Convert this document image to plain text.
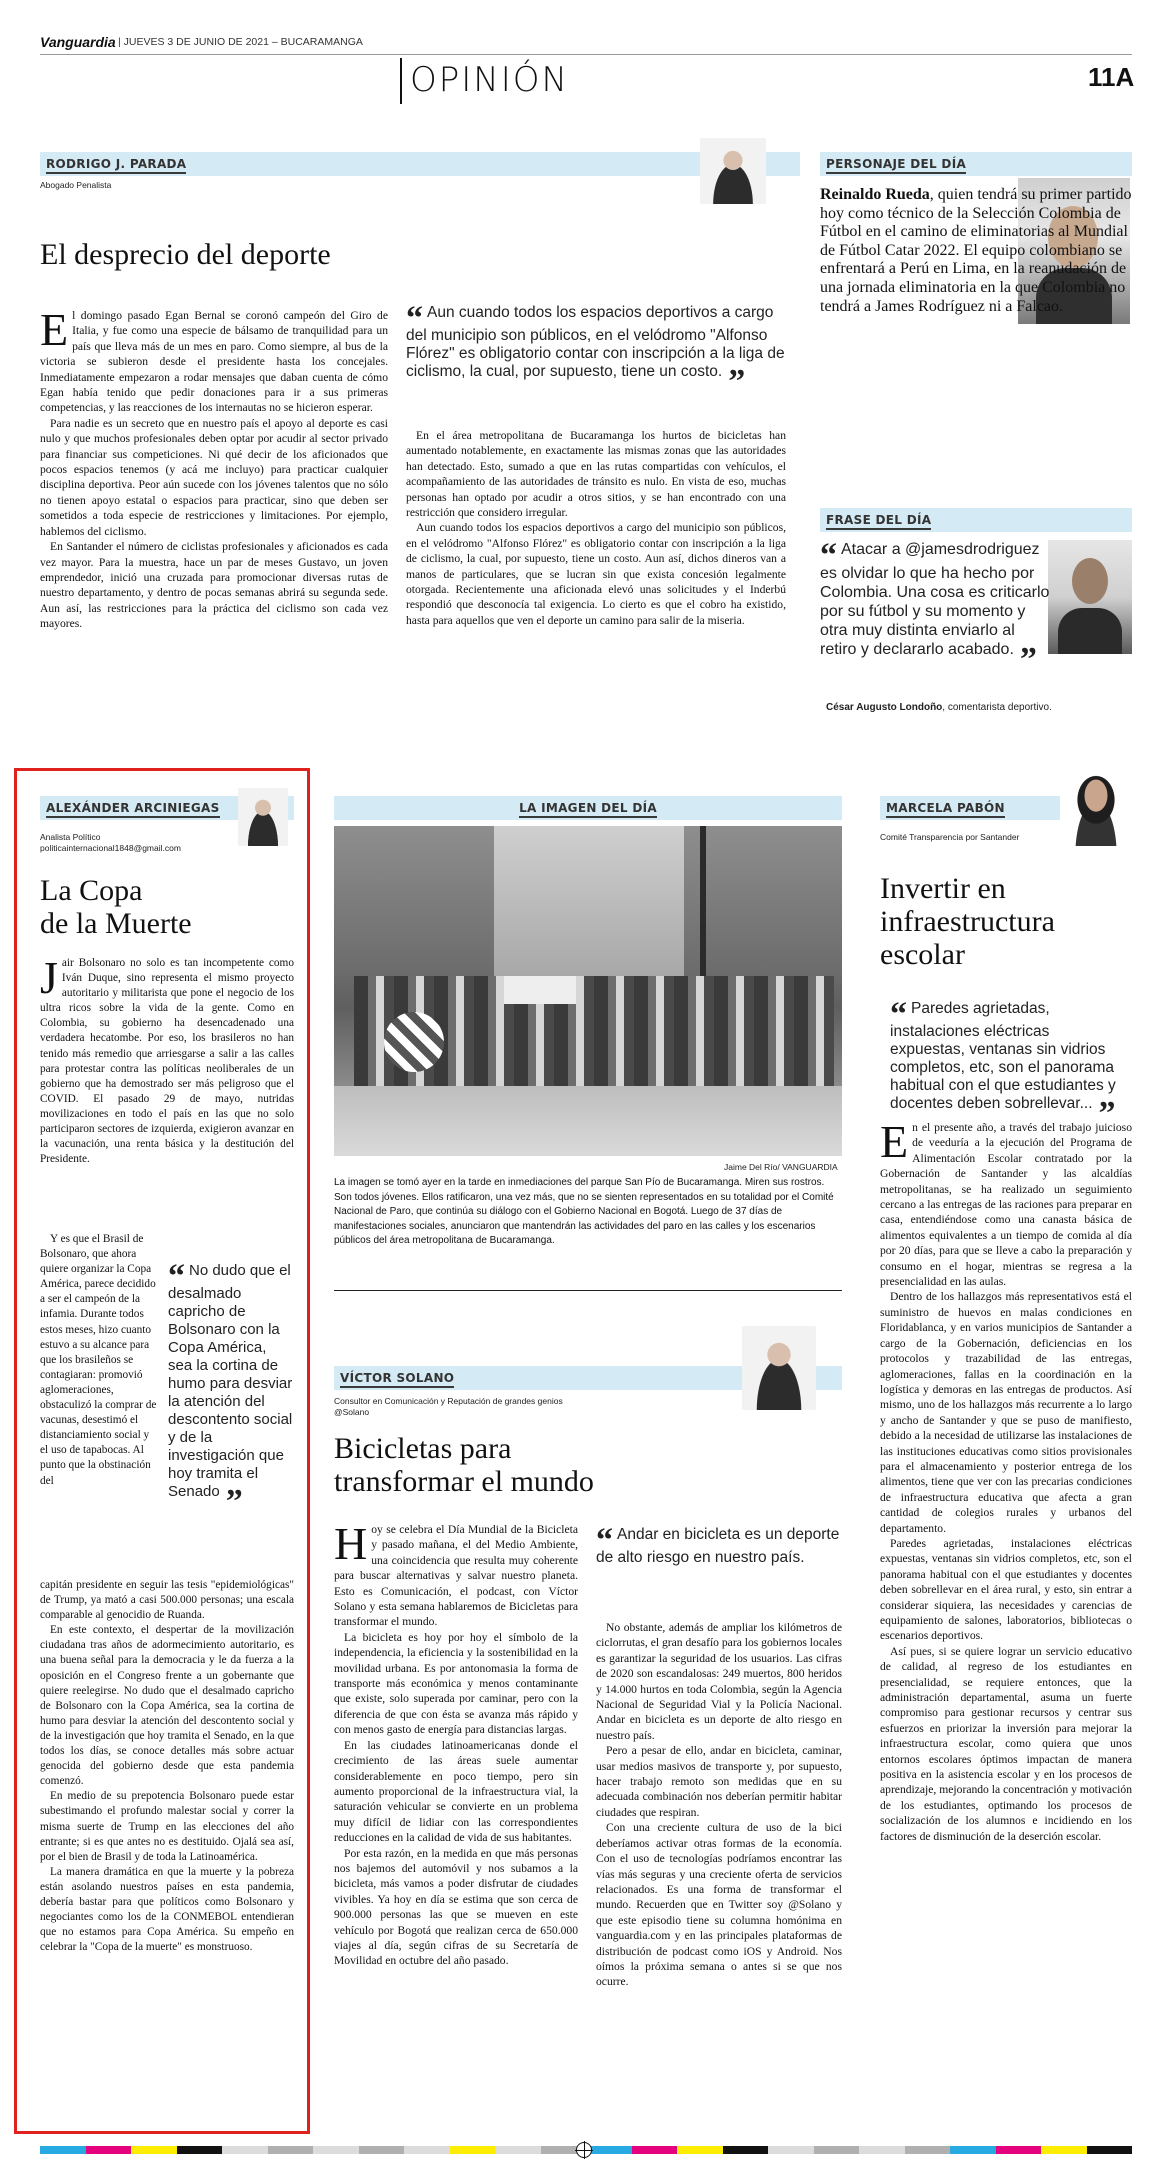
Vanguardia | JUEVES 3 DE JUNIO DE 2021 – BUCARAMANGA
OPINIÓN	11A
RODRIGO J. PARADA
Abogado Penalista
El desprecio del deporte

El domingo pasado Egan Bernal se coronó campeón del Giro de Italia, y fue como una especie de bálsamo de tranquilidad para un país que lleva más de un mes en paro. Como siempre, al bus de la victoria se subieron desde el presidente hasta los concejales. Inmediatamente empezaron a rodar mensajes que daban cuenta de cómo Egan había tenido que pedir donaciones para ir a sus primeras competencias, y las reacciones de los internautas no se hicieron esperar.

Para nadie es un secreto que en nuestro país el apoyo al deporte es casi nulo y que muchos profesionales deben optar por acudir al sector privado para financiar sus competiciones. Ni qué decir de los aficionados que pocos espacios tenemos (y acá me incluyo) para practicar cualquier disciplina deportiva. Peor aún sucede con los jóvenes talentos que no sólo no tienen apoyo estatal o espacios para practicar, sino que deben ser sometidos a toda especie de restricciones y limitaciones. Por ejemplo, hablemos del ciclismo.

En Santander el número de ciclistas profesionales y aficionados es cada vez mayor. Para la muestra, hace un par de meses Gustavo, un joven emprendedor, inició una cruzada para promocionar diversas rutas de nuestro departamento, y dentro de pocas semanas abrirá su segunda sede. Aun así, las restricciones para la práctica del ciclismo son cada vez mayores.

“ Aun cuando todos los espacios deportivos a cargo del municipio son públicos, en el velódromo "Alfonso Flórez" es obligatorio contar con inscripción a la liga de ciclismo, la cual, por supuesto, tiene un costo. ”

En el área metropolitana de Bucaramanga los hurtos de bicicletas han aumentado notablemente, en exactamente las mismas zonas que las autoridades han detectado. Esto, sumado a que en las rutas compartidas con vehículos, el acompañamiento de las autoridades de tránsito es nulo. En vista de eso, muchas personas han optado por acudir a otros sitios, y se han encontrado con una restricción que considero irregular.

Aun cuando todos los espacios deportivos a cargo del municipio son públicos, en el velódromo "Alfonso Flórez" es obligatorio contar con inscripción a la liga de ciclismo, la cual, por supuesto, tiene un costo. Aun así, dichos dineros van a manos de particulares, que se lucran sin que exista concesión legalmente otorgada. Recientemente una aficionada elevó unas solicitudes y el Inderbú respondió que desconocía tal exigencia. Lo cierto es que el cobro ha existido, hasta para aquellos que ven el deporte un camino para salir de la miseria.

PERSONAJE DEL DÍA
Reinaldo Rueda, quien tendrá su primer partido hoy como técnico de la Selección Colombia de Fútbol en el camino de eliminatorias al Mundial de Fútbol Catar 2022. El equipo colombiano se enfrentará a Perú en Lima, en la reanudación de una jornada eliminatoria en la que Colombia no tendrá a James Rodríguez ni a Falcao.
FRASE DEL DÍA
“ Atacar a @jamesdrodriguez es olvidar lo que ha hecho por Colombia. Una cosa es criticarlo por su fútbol y su momento y otra muy distinta enviarlo al retiro y declararlo acabado. ”
César Augusto Londoño, comentarista deportivo.
ALEXÁNDER ARCINIEGAS
Analista Político
politicainternacional1848@gmail.com
La Copa
de la Muerte

Jair Bolsonaro no solo es tan incompetente como Iván Duque, sino representa el mismo proyecto autoritario y militarista que pone el negocio de los ultra ricos sobre la vida de la gente. Como en Colombia, su gobierno ha desencadenado una verdadera hecatombe. Por eso, los brasileros no han tenido más remedio que arriesgarse a salir a las calles para protestar contra las políticas neoliberales de un gobierno que ha demostrado ser más peligroso que el COVID. El pasado 29 de mayo, nutridas movilizaciones en todo el país en las que no solo participaron sectores de izquierda, exigieron avanzar en la vacunación, una renta básica y la destitución del Presidente.

Y es que el Brasil de Bolsonaro, que ahora quiere organizar la Copa América, parece decidido a ser el campeón de la infamia. Durante todos estos meses, hizo cuanto estuvo a su alcance para que los brasileños se contagiaran: promovió aglomeraciones, obstaculizó la comprar de vacunas, desestimó el distanciamiento social y el uso de tapabocas. Al punto que la obstinación del

“ No dudo que el desalmado capricho de Bolsonaro con la Copa América, sea la cortina de humo para desviar la atención del descontento social y de la investigación que hoy tramita el Senado ”

capitán presidente en seguir las tesis "epidemiológicas" de Trump, ya mató a casi 500.000 personas; una escala comparable al genocidio de Ruanda.

En este contexto, el despertar de la movilización ciudadana tras años de adormecimiento autoritario, es una buena señal para la democracia y le da fuerza a la oposición en el Congreso frente a un gobernante que quiere reelegirse. No dudo que el desalmado capricho de Bolsonaro con la Copa América, sea la cortina de humo para desviar la atención del descontento social y de la investigación que hoy tramita el Senado, en la que todos los días, se conoce detalles más sobre actuar genocida del gobierno desde que esta pandemia comenzó.

En medio de su prepotencia Bolsonaro puede estar subestimando el profundo malestar social y correr la misma suerte de Trump en las elecciones del año entrante; si es que antes no es destituido. Ojalá sea así, por el bien de Brasil y de toda la Latinoamérica.

La manera dramática en que la muerte y la pobreza están asolando nuestros países en esta pandemia, debería bastar para que políticos como Bolsonaro y negociantes como los de la CONMEBOL entendieran que no estamos para Copa América. Su empeño en celebrar la "Copa de la muerte" es monstruoso.

LA IMAGEN DEL DÍA
Jaime Del Río/ VANGUARDIA
La imagen se tomó ayer en la tarde en inmediaciones del parque San Pío de Bucaramanga. Miren sus rostros. Son todos jóvenes. Ellos ratificaron, una vez más, que no se sienten representados en su totalidad por el Comité Nacional de Paro, que continúa su diálogo con el Gobierno Nacional en Bogotá. Luego de 37 días de manifestaciones sociales, anunciaron que mantendrán las actividades del paro en las calles y los escenarios públicos del área metropolitana de Bucaramanga.
VÍCTOR SOLANO
Consultor en Comunicación y Reputación de grandes genios
@Solano
Bicicletas para
transformar el mundo

Hoy se celebra el Día Mundial de la Bicicleta y pasado mañana, el del Medio Ambiente, una coincidencia que resulta muy coherente para buscar alternativas y salvar nuestro planeta. Esto es Comunicación, el podcast, con Víctor Solano y esta semana hablaremos de Bicicletas para transformar el mundo.

La bicicleta es hoy por hoy el símbolo de la independencia, la eficiencia y la sostenibilidad en la movilidad urbana. Es por antonomasia la forma de transporte más económica y menos contaminante que existe, solo superada por caminar, pero con la diferencia de que con ésta se avanza más rápido y con menos gasto de energía para distancias largas.

En las ciudades latinoamericanas donde el crecimiento de las áreas suele aumentar considerablemente en poco tiempo, pero sin aumento proporcional de la infraestructura vial, la saturación vehicular se convierte en un problema muy difícil de lidiar con las correspondientes reducciones en la calidad de vida de sus habitantes.

Por esta razón, en la medida en que más personas nos bajemos del automóvil y nos subamos a la bicicleta, más vamos a poder disfrutar de ciudades vivibles. Ya hoy en día se estima que son cerca de 900.000 personas las que se mueven en este vehículo por Bogotá que realizan cerca de 650.000 viajes al día, según cifras de su Secretaría de Movilidad en octubre del año pasado.

“ Andar en bicicleta es un deporte de alto riesgo en nuestro país.

No obstante, además de ampliar los kilómetros de ciclorrutas, el gran desafío para los gobiernos locales es garantizar la seguridad de los usuarios. Las cifras de 2020 son escandalosas: 249 muertos, 800 heridos y 14.000 hurtos en toda Colombia, según la Agencia Nacional de Seguridad Vial y la Policía Nacional. Andar en bicicleta es un deporte de alto riesgo en nuestro país.

Pero a pesar de ello, andar en bicicleta, caminar, usar medios masivos de transporte y, por supuesto, hacer trabajo remoto son medidas que en su adecuada combinación nos deberían permitir habitar ciudades que respiran.

Con una creciente cultura de uso de la bici deberíamos activar otras formas de la economía. Con el uso de tecnologías podríamos encontrar las vías más seguras y una creciente oferta de servicios relacionados. Es una forma de transformar el mundo. Recuerden que en Twitter soy @Solano y que este episodio tiene su columna homónima en vanguardia.com y en las principales plataformas de distribución de podcast como iOS y Android. Nos oímos la próxima semana o antes si se que nos ocurre.

MARCELA PABÓN
Comité Transparencia por Santander
Invertir en
infraestructura
escolar
“ Paredes agrietadas, instalaciones eléctricas expuestas, ventanas sin vidrios completos, etc, son el panorama habitual con el que estudiantes y docentes deben sobrellevar... ”

En el presente año, a través del trabajo juicioso de veeduría a la ejecución del Programa de Alimentación Escolar contratado por la Gobernación de Santander y las alcaldías metropolitanas, se ha realizado un seguimiento cercano a las entregas de las raciones para preparar en casa, entendiéndose como una canasta básica de alimentos equivalentes a un tiempo de comida al día por 20 días, para que se lleve a cabo la preparación y consumo en el hogar, mientras se regresa a la presencialidad en las aulas.

Dentro de los hallazgos más representativos está el suministro de huevos en malas condiciones en Floridablanca, y en varios municipios de Santander a cargo de la Gobernación, deficiencias en los protocolos y trazabilidad de las entregas, aglomeraciones, fallas en la coordinación en la logística y demoras en las entregas de productos. Así mismo, uno de los hallazgos más recurrente a lo largo y ancho de Santander y que se puso de manifiesto, debido a la necesidad de utilizarse las instalaciones de las instituciones educativas como sitios provisionales para el almacenamiento y posterior entrega de los alimentos, tiene que ver con las precarias condiciones de infraestructura educativa que afecta a gran cantidad de colegios rurales y urbanos del departamento.

Paredes agrietadas, instalaciones eléctricas expuestas, ventanas sin vidrios completos, etc, son el panorama habitual con el que estudiantes y docentes deben sobrellevar en el área rural, y esto, sin entrar a considerar siquiera, las necesidades y carencias de equipamiento de salones, laboratorios, bibliotecas o escenarios deportivos.

Así pues, si se quiere lograr un servicio educativo de calidad, al regreso de los estudiantes en presencialidad, se requiere entonces, que la administración departamental, asuma un fuerte compromiso para gestionar recursos y centrar sus esfuerzos en priorizar la inversión para mejorar la infraestructura escolar, como quiera que unos entornos escolares óptimos impactan de manera positiva en la asistencia escolar y en los procesos de aprendizaje, mejorando la concentración y motivación de los estudiantes, optimando los procesos de socialización de los alumnos e incidiendo en los factores de disminución de la deserción escolar.
